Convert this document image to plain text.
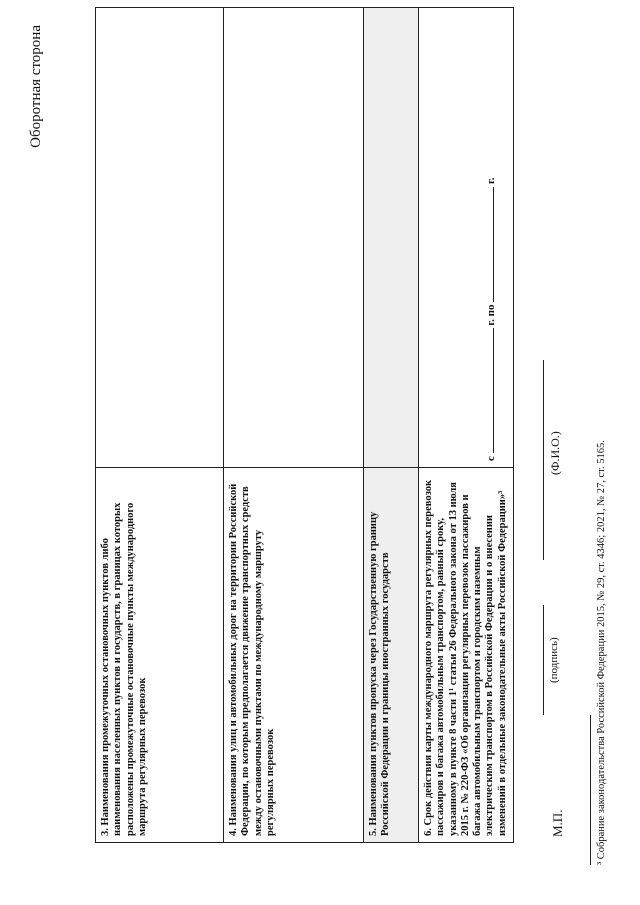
Оборотная сторона
3. Наименования промежуточных остановочных пунктов либо наименования населенных пунктов и государств, в границах которых расположены промежуточные остановочные пункты международного маршрута регулярных перевозок	

4. Наименования улиц и автомобильных дорог на территории Российской Федерации, по которым предполагается движение транспортных средств между остановочными пунктами по международному маршруту регулярных перевозок	

5. Наименования пунктов пропуска через Государственную границу Российской Федерации и границы иностранных государств	

6. Срок действия карты международного маршрута регулярных перевозок пассажиров и багажа автомобильным транспортом, равный сроку, указанному в пункте 8 части 1¹ статьи 26 Федерального закона от 13 июля 2015 г. № 220-ФЗ «Об организации регулярных перевозок пассажиров и багажа автомобильным транспортом и городским наземным электрическим транспортом в Российской Федерации и о внесении изменений в отдельные законодательные акты Российской Федерации»³	с  г. по  г.
М.П.
(подпись)
(Ф.И.О.)	³ Собрание законодательства Российской Федерации 2015, № 29, ст. 4346; 2021, № 27, ст. 5165.
